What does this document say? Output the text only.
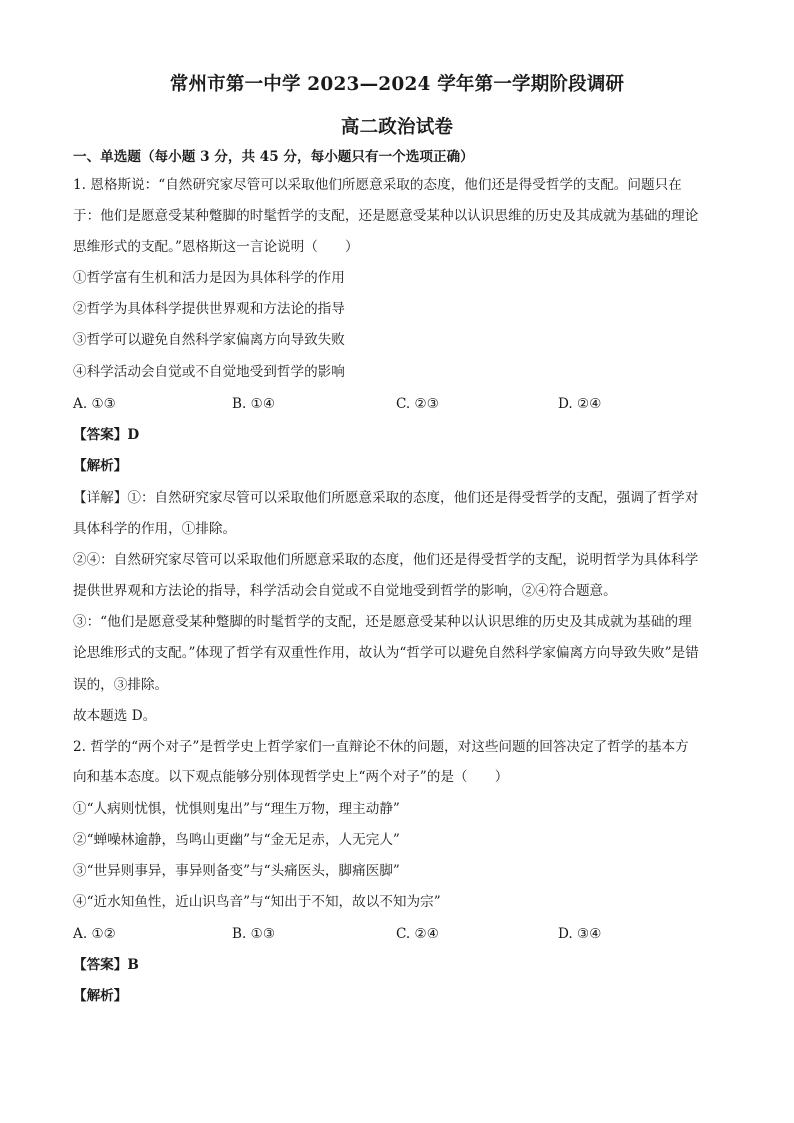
常州市第一中学 2023—2024 学年第一学期阶段调研
高二政治试卷
一、单选题（每小题 3 分，共 45 分，每小题只有一个选项正确）
1. 恩格斯说：“自然研究家尽管可以采取他们所愿意采取的态度，他们还是得受哲学的支配。问题只在
于：他们是愿意受某种蹩脚的时髦哲学的支配，还是愿意受某种以认识思维的历史及其成就为基础的理论
思维形式的支配。”恩格斯这一言论说明（　　）
①哲学富有生机和活力是因为具体科学的作用
②哲学为具体科学提供世界观和方法论的指导
③哲学可以避免自然科学家偏离方向导致失败
④科学活动会自觉或不自觉地受到哲学的影响
A. ①③	B. ①④	C. ②③	D. ②④
【答案】D
【解析】
【详解】①：自然研究家尽管可以采取他们所愿意采取的态度，他们还是得受哲学的支配，强调了哲学对
具体科学的作用，①排除。
②④：自然研究家尽管可以采取他们所愿意采取的态度，他们还是得受哲学的支配，说明哲学为具体科学
提供世界观和方法论的指导，科学活动会自觉或不自觉地受到哲学的影响，②④符合题意。
③：“他们是愿意受某种蹩脚的时髦哲学的支配，还是愿意受某种以认识思维的历史及其成就为基础的理
论思维形式的支配。”体现了哲学有双重性作用，故认为“哲学可以避免自然科学家偏离方向导致失败”是错
误的，③排除。
故本题选 D。
2. 哲学的“两个对子”是哲学史上哲学家们一直辩论不休的问题，对这些问题的回答决定了哲学的基本方
向和基本态度。以下观点能够分别体现哲学史上“两个对子”的是（　　）
①“人病则忧惧，忧惧则鬼出”与“理生万物，理主动静”
②“蝉噪林逾静，鸟鸣山更幽”与“金无足赤，人无完人”
③“世异则事异，事异则备变”与“头痛医头，脚痛医脚”
④“近水知鱼性，近山识鸟音”与“知出于不知，故以不知为宗”
A. ①②	B. ①③	C. ②④	D. ③④
【答案】B
【解析】
